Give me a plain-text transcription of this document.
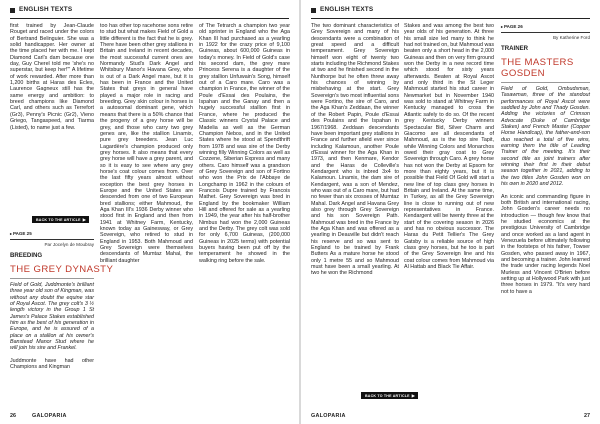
ENGLISH TEXTS

first trained by Jean-Claude Rouget and raced under the colors of Bertrand Belinguier. She was a solid handicapper. Her owner at the time placed her with me. I kept Diamond Carl's dam because one day, Guy Cherel told me 'she's no superstar, but keep her!'" A lifetime of work rewarded. After more than 1,200 births at Haras des Ecles, Laurence Gagneux still has the same energy and ambition: to breed champions like Diamond Carl, and others such as Terrefort (Gr3), Penny's Picnic (Gr2), Vieno Griego, Tangaspeed, and Tiarma (Listed), to name just a few.

BACK TO THE ARTICLE ▶
▸PAGE 25
Par Jocelyn de Moubray
BREEDING
THE GREY DYNASTY

Field of Gold, Juddmonte's brilliant three year old son of Kingman, was without any doubt the equine star of Royal Ascot. The grey colt's 3 ½ length victory in the Group 1 St James's Palace Stakes established him as the best of his generation in Europe, and he is assured of a place on a stallion at his owner's Banstead Manor Stud where he will join his sire and Frankel.

Juddmonte have had other Champions and Kingman

too has other top racehorse sons retire to stud but what makes Field of Gold a little different is the fact that he is grey. There have been other grey stallions in Britain and Ireland in recent decades, the most successful current ones are Normandy Stud's Dark Angel and Whitsbury Manor's Havana Grey, who is out of a Dark Angel mare, but it is has been in France and the United States that greys in general have played a major role in racing and breeding. Grey skin colour in horses is a autosomal dominant gene, which means that there is a 50% chance that the progeny of a grey horse will be grey, and those who carry two grey genes are, like the stallion Linamix, pure grey breeders. Jean Luc Lagardère's champion produced only grey horses. It also means that every grey horse will have a grey parent, and so it is easy to see where any grey horse's coat colour comes from. Over the last fifty years almost without exception the best grey horses in Europe and the United States are descended from one of two European bred stallions; either Mahmoud, the Aga Khan III's 1936 Derby winner who stood first in England and then from 1941 at Whitney Farm, Kentucky, known today as Gainesway, or Grey Sovereign, who retired to stud in England in 1953. Both Mahmoud and Grey Sovereign were themselves descendants of Mumtaz Mahal, the brilliant daughter

of The Tetrarch a champion two year old sprinter in England who the Aga Khan III had purchased as a yearling in 1922 for the crazy price of 9,100 Guineas, about 600,000 Guineas in today's money. In Field of Gold's case his second dam, the grey mare Princess Serena is a daughter of the grey stallion Unfuwain's Song, himself out of a Caro mare. Caro was a champion in France, the winner of the Poule d'Essai des Poulains, the Ispahan and the Ganay and then a hugely successful stallion first in France, where he produced the Classic winners Crystal Palace and Madelia as well as the German Champion Nebos, and in the United States where he stood at Spendthrift from 1978 and was sire of the Derby winning filly Winning Colors as well as Cozzene, Siberian Express and many others. Caro himself was a grandson of Grey Sovereign and son of Fortino who won the Prix de l'Abbaye de Longchamp in 1962 in the colours of Francois Dupre trained by Francois Mathet. Grey Sovereign was bred in England by the bookmaker William Hill and offered for sale as a yearling in 1949, the year after his half-brother Nimbus had won the 2,000 Guineas and the Derby. The grey colt was sold for only 6,700 Guineas, (200,000 Guineas in 2025 terms) with potential buyers having been put off by the temperament he showed in the walking ring before the sale.

26	GALOPARIA
ENGLISH TEXTS

The two dominant characteristics of Grey Sovereign and many of his descendants were a combination of great speed and a difficult temperament. Grey Sovereign himself won eight of twenty two starts including the Richmond Stakes at two and he finished second in the Nunthorpe but he often threw away his chances of winning by misbehaving at the start. Grey Sovereign's two most influential sons were Fortino, the sire of Caro, and the Aga Khan's Zeddaan, the winner of the Robert Papin, Poule d'Essai des Poulains and the Ispahan in 1967/1968. Zeddaan descendants have been important grey stallions in France and further afield ever since including Kalamoun, another Poule d'Essai winner for the Aga Khan in 1973, and then Kenmare, Kendor and the Haras de Colleville's Kendargent who is inbred 3x4 to Kalamoun. Linamix, the dam sire of Kendargent, was a son of Mendez, who was out of a Caro mare, but had no fewer than six crosses of Mumtaz Mahal. Dark Angel and Havana Grey also grey through Grey Sovereign and his son Sovereign Path. Mahmoud was bred in the France by the Aga Khan and was offered as a yearling in Deauville but didn't reach his reserve and so was sent to England to be trained by Frank Butters As a mature horse he stood only 1 metre 55 and so Mahmoud must have been a small yearling. At two he won the Richmond

BACK TO THE ARTICLE ▶

Stakes and was among the best two year olds of his generation. At three his small size led many to think he had not trained on, but Mahmoud was beaten only a short head in the 2,000 Guineas and then on very firm ground won the Derby in a new record time which stood for sixty years afterwards. Beaten at Royal Ascot and only third in the St Leger Mahmoud started his stud career in Newmarket but in November 1940 was sold to stand at Whitney Farm in Kentucky managed to cross the Atlantic safely to do so. Of the recent grey Kentucky Derby winners Spectacular Bid, Silver Charm and Giacomo are all descendants of Mahmoud, as is the top sire Tapit, while Winning Colors and Monarchos owed their gray coat to Grey Sovereign through Caro. A grey horse has not won the Derby at Epsom for more than eighty years, but it is possible that Field Of Gold will start a new line of top class grey horses in Britain and Ireland. At the same time, in Turkey, as all the Grey Sovereign line is close to running out of new representatives in France. Kendargent will be twenty three at the start of the covering season in 2026 and has no obvious successor. The Haras du Petit Tellier's The Grey Gatsby is a reliable source of high class grey horses, but he too is part of the Grey Sovereign line and his coat colour comes from Mahmoud via Al Hattab and Black Tie Affair.

▸PAGE 26
By Katherine Ford
TRAINER
THE MASTERS
GOSDEN

Field of Gold, Ombudsman, Tasawman, three of the standout performances of Royal Ascot were saddled by John and Thady Gosden. Adding the victories of Crimson Advocate (Duke of Cambridge Stakes) and French Master (Copper Horse Handicap), the father-and-son duo reached a total of five wins, earning them the title of Leading Trainer of the meeting. It's their second title as joint trainers after winning their first in their debut season together in 2021, adding to the two titles John Gosden won on his own in 2020 and 2012.

An iconic and commanding figure in both British and international racing, John Gosden's career needs no introduction — though few know that he studied economics at the prestigious University of Cambridge and once worked as a land agent in Venezuela before ultimately following in the footsteps of his father, Towser Gosden, who passed away in 1967, and becoming a trainer. John learned the trade under racing legends Noel Murless and Vincent O'Brien before setting up at Hollywood Park with just three horses in 1979. "It's very hard not to have a

GALOPARIA	27
